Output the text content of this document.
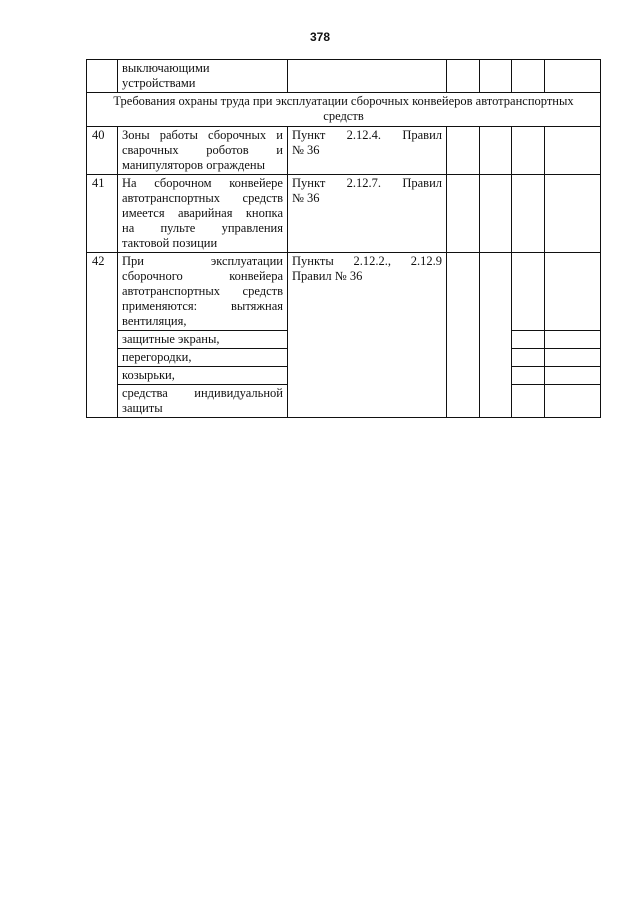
378

	выключающими
устройствами					

Требования охраны труда при эксплуатации сборочных конвейеров автотранспортных
средств						

40	Зоны работы сборочных и
сварочных роботов и
манипуляторов ограждены	Пункт 2.12.4. Правил
№ 36				

41	На сборочном конвейере
автотранспортных средств
имеется аварийная кнопка
на пульте управления
тактовой позиции	Пункт 2.12.7. Правил
№ 36				

42	При эксплуатации
сборочного конвейера
автотранспортных средств
применяются: вытяжная
вентиляция,	Пункты 2.12.2., 2.12.9
Правил № 36				

	защитные экраны,					
	перегородки,					
	козырьки,					

	средства индивидуальной
защиты					
